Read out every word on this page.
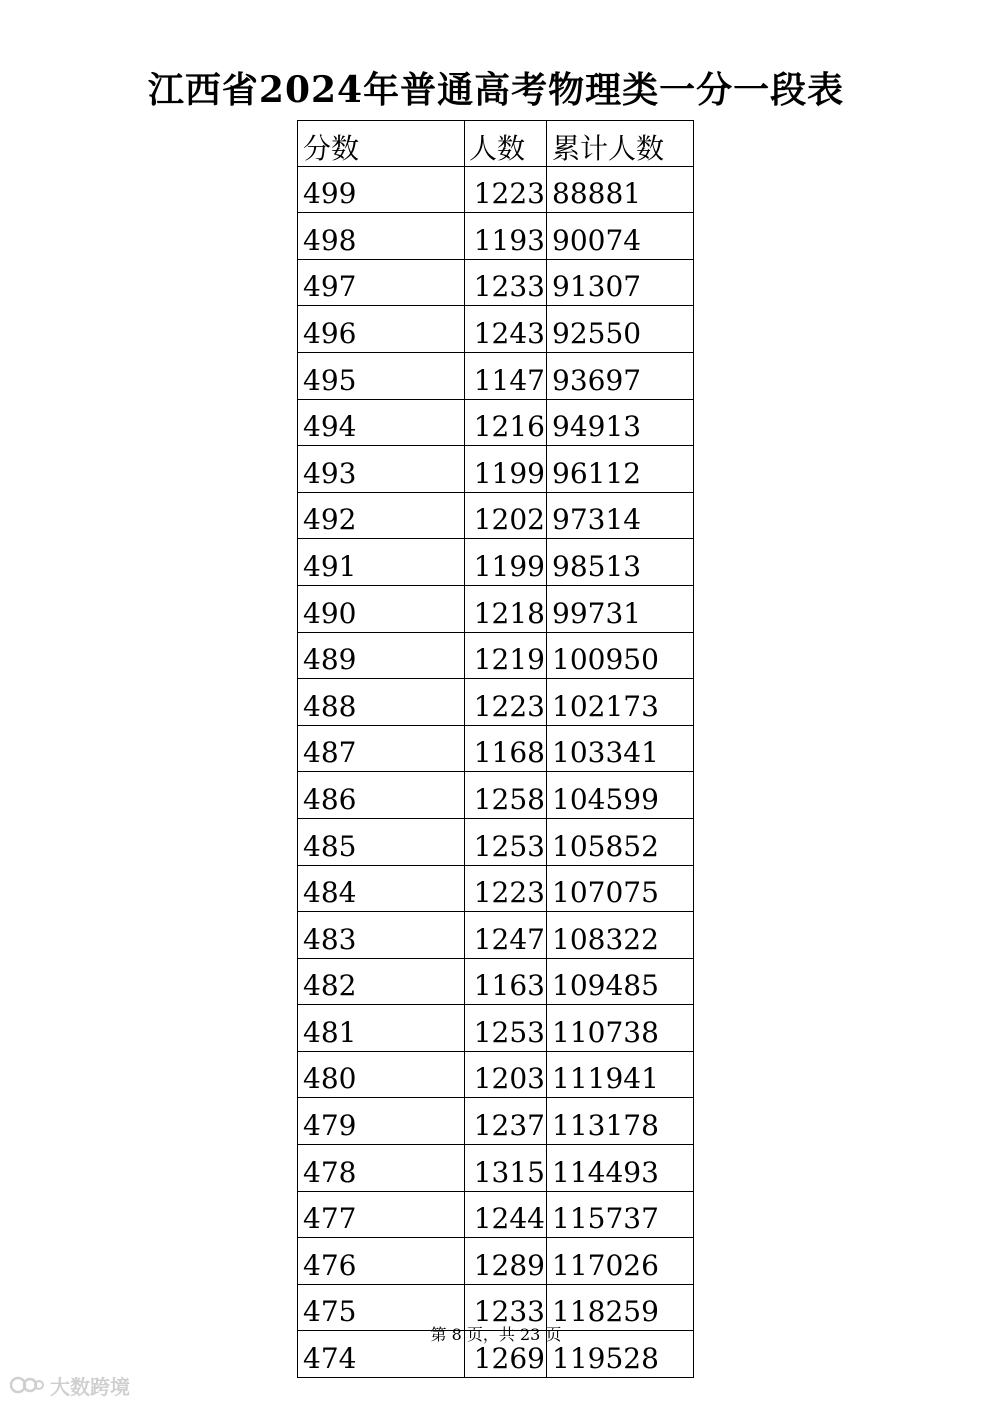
江西省2024年普通高考物理类一分一段表
分数	人数	累计人数
499	1223	88881
498	1193	90074
497	1233	91307
496	1243	92550
495	1147	93697
494	1216	94913
493	1199	96112
492	1202	97314
491	1199	98513
490	1218	99731
489	1219	100950
488	1223	102173
487	1168	103341
486	1258	104599
485	1253	105852
484	1223	107075
483	1247	108322
482	1163	109485
481	1253	110738
480	1203	111941
479	1237	113178
478	1315	114493
477	1244	115737
476	1289	117026
475	1233	118259
474	1269	119528
第 8 页，共 23 页
大数跨境
